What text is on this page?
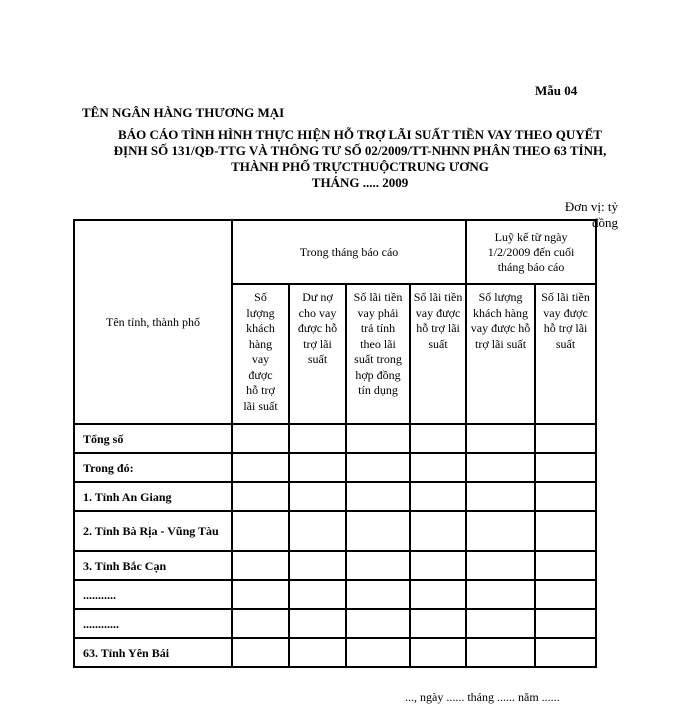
Mẫu 04
TÊN NGÂN HÀNG THƯƠNG MẠI
BÁO CÁO TÌNH HÌNH THỰC HIỆN HỖ TRỢ LÃI SUẤT TIỀN VAY THEO QUYẾT
ĐỊNH SỐ 131/QĐ-TTG VÀ THÔNG TƯ SỐ 02/2009/TT-NHNN PHÂN THEO 63 TỈNH,
THÀNH PHỐ TRỰCTHUỘCTRUNG ƯƠNG
THÁNG ..... 2009
Đơn vị: tỷ đồng
Tên tỉnh, thành phố	Trong tháng báo cáo				Luỹ kế từ ngày 1/2/2009 đến cuối tháng báo cáo	
	Số lượng khách hàng vay được hỗ trợ lãi suất	Dư nợ cho vay được hỗ trợ lãi suất	Số lãi tiền vay phải trả tính theo lãi suất trong hợp đồng tín dụng	Số lãi tiền vay được hỗ trợ lãi suất	Số lượng khách hàng vay được hỗ trợ lãi suất	Số lãi tiền vay được hỗ trợ lãi suất
Tổng số						
Trong đó:						
1. Tỉnh An Giang						
2. Tỉnh Bà Rịa - Vũng Tàu						
3. Tỉnh Bắc Cạn						
...........						
............						
63. Tỉnh Yên Bái						
..., ngày ...... tháng ...... năm ......
